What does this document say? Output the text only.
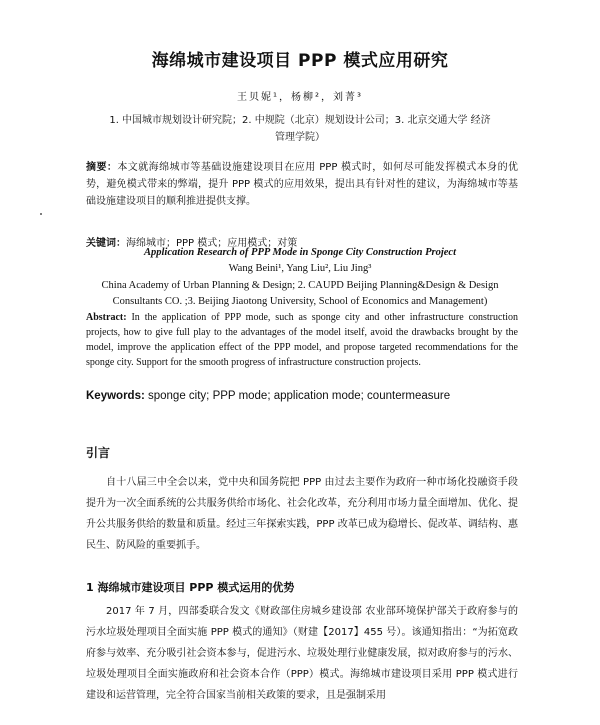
海绵城市建设项目 PPP 模式应用研究
王贝妮¹，杨柳²，刘菁³
1. 中国城市规划设计研究院；2. 中规院（北京）规划设计公司；3. 北京交通大学 经济管理学院）
摘要：本文就海绵城市等基础设施建设项目在应用 PPP 模式时，如何尽可能发挥模式本身的优势，避免模式带来的弊端，提升 PPP 模式的应用效果，提出具有针对性的建议，为海绵城市等基础设施建设项目的顺利推进提供支撑。
关键词：海绵城市；PPP 模式；应用模式；对策
Application Research of PPP Mode in Sponge City Construction Project
Wang Beini¹, Yang Liu², Liu Jing³
China Academy of Urban Planning & Design; 2. CAUPD Beijing Planning&Design & Design Consultants CO. ;3. Beijing Jiaotong University, School of Economics and Management)
Abstract: In the application of PPP mode, such as sponge city and other infrastructure construction projects, how to give full play to the advantages of the model itself, avoid the drawbacks brought by the model, improve the application effect of the PPP model, and propose targeted recommendations for the sponge city. Support for the smooth progress of infrastructure construction projects.
Keywords: sponge city; PPP mode; application mode; countermeasure
引言

自十八届三中全会以来，党中央和国务院把 PPP 由过去主要作为政府一种市场化投融资手段提升为一次全面系统的公共服务供给市场化、社会化改革，充分利用市场力量全面增加、优化、提升公共服务供给的数量和质量。经过三年探索实践，PPP 改革已成为稳增长、促改革、调结构、惠民生、防风险的重要抓手。

1 海绵城市建设项目 PPP 模式运用的优势

2017 年 7 月，四部委联合发文《财政部住房城乡建设部 农业部环境保护部关于政府参与的污水垃圾处理项目全面实施 PPP 模式的通知》（财建【2017】455 号）。该通知指出：“为拓宽政府参与效率、充分吸引社会资本参与，促进污水、垃圾处理行业健康发展，拟对政府参与的污水、垃圾处理项目全面实施政府和社会资本合作（PPP）模式。海绵城市建设项目采用 PPP 模式进行建设和运营管理，完全符合国家当前相关政策的要求，且是强制采用
